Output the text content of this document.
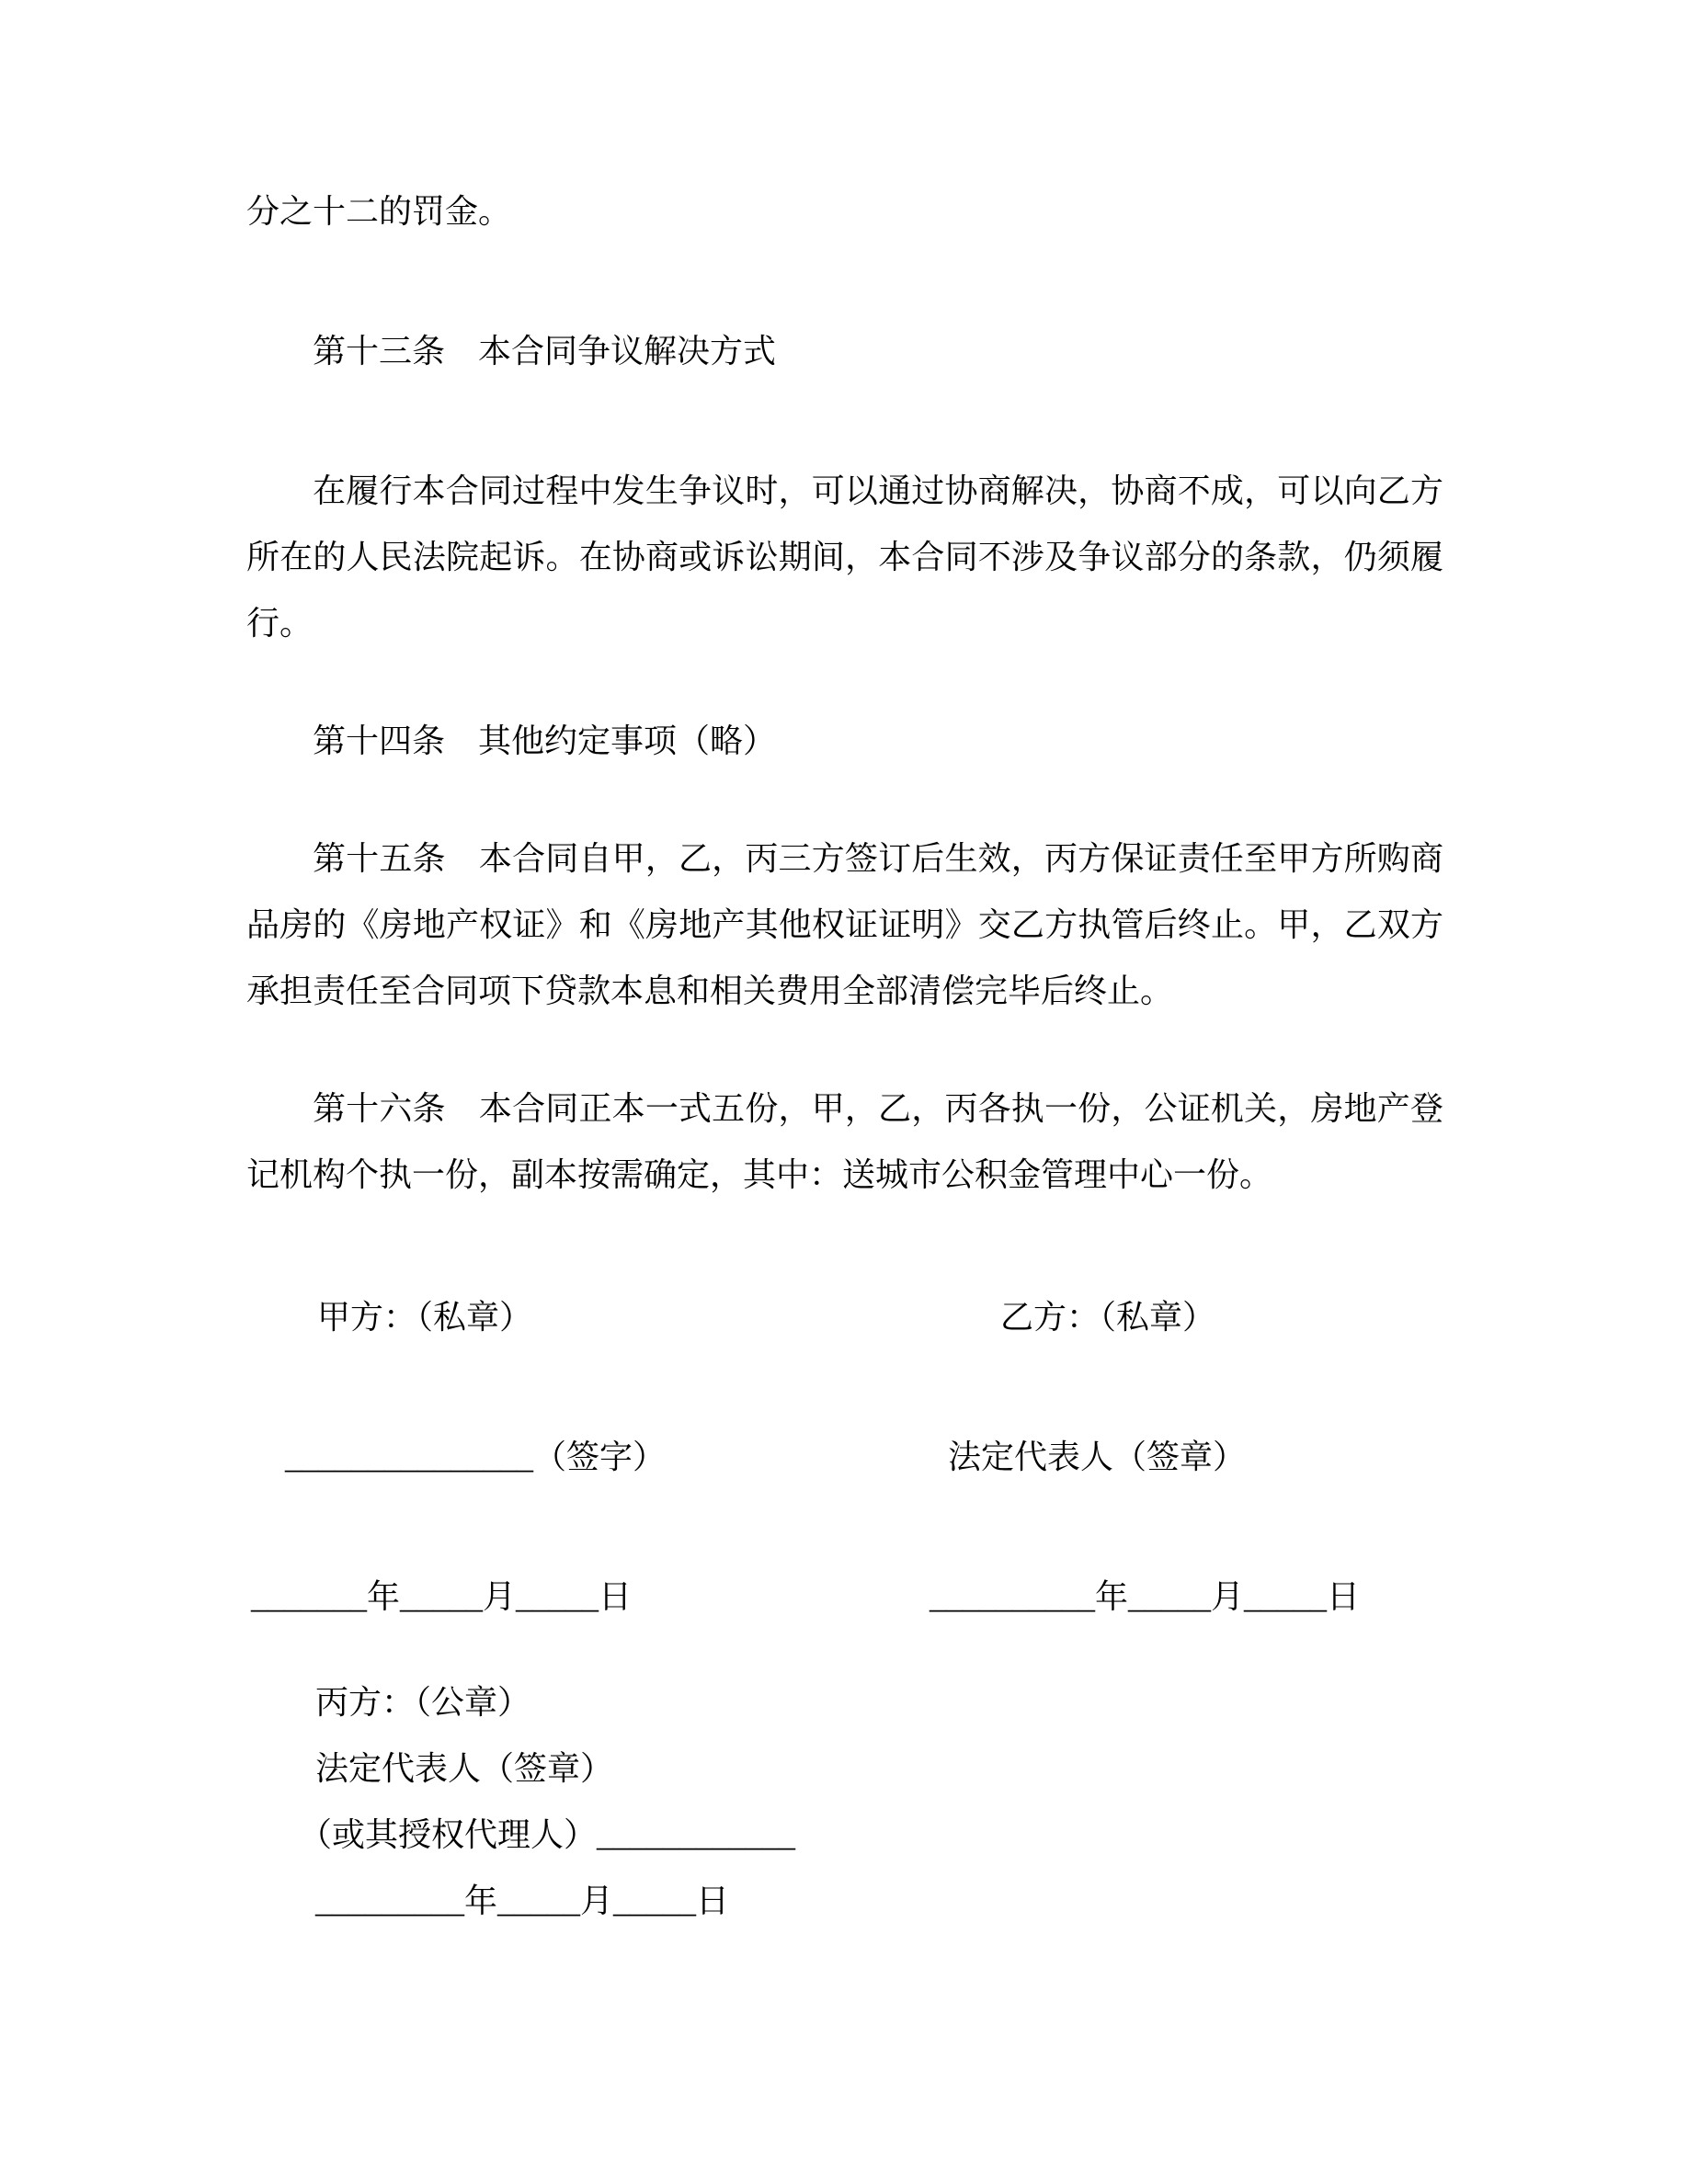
分之十二的罚金。

第十三条　本合同争议解决方式

在履行本合同过程中发生争议时，可以通过协商解决，协商不成，可以向乙方所在的人民法院起诉。在协商或诉讼期间，本合同不涉及争议部分的条款，仍须履行。

第十四条　其他约定事项（略）

第十五条　本合同自甲，乙，丙三方签订后生效，丙方保证责任至甲方所购商品房的《房地产权证》和《房地产其他权证证明》交乙方执管后终止。甲，乙双方承担责任至合同项下贷款本息和相关费用全部清偿完毕后终止。

第十六条　本合同正本一式五份，甲，乙，丙各执一份，公证机关，房地产登记机构个执一份，副本按需确定，其中：送城市公积金管理中心一份。

甲方：（私章）	乙方：（私章）
_______________（签字）	法定代表人（签章）
_______年_____月_____日	__________年_____月_____日

丙方：（公章）

法定代表人（签章）

（或其授权代理人）____________

_________年_____月_____日
